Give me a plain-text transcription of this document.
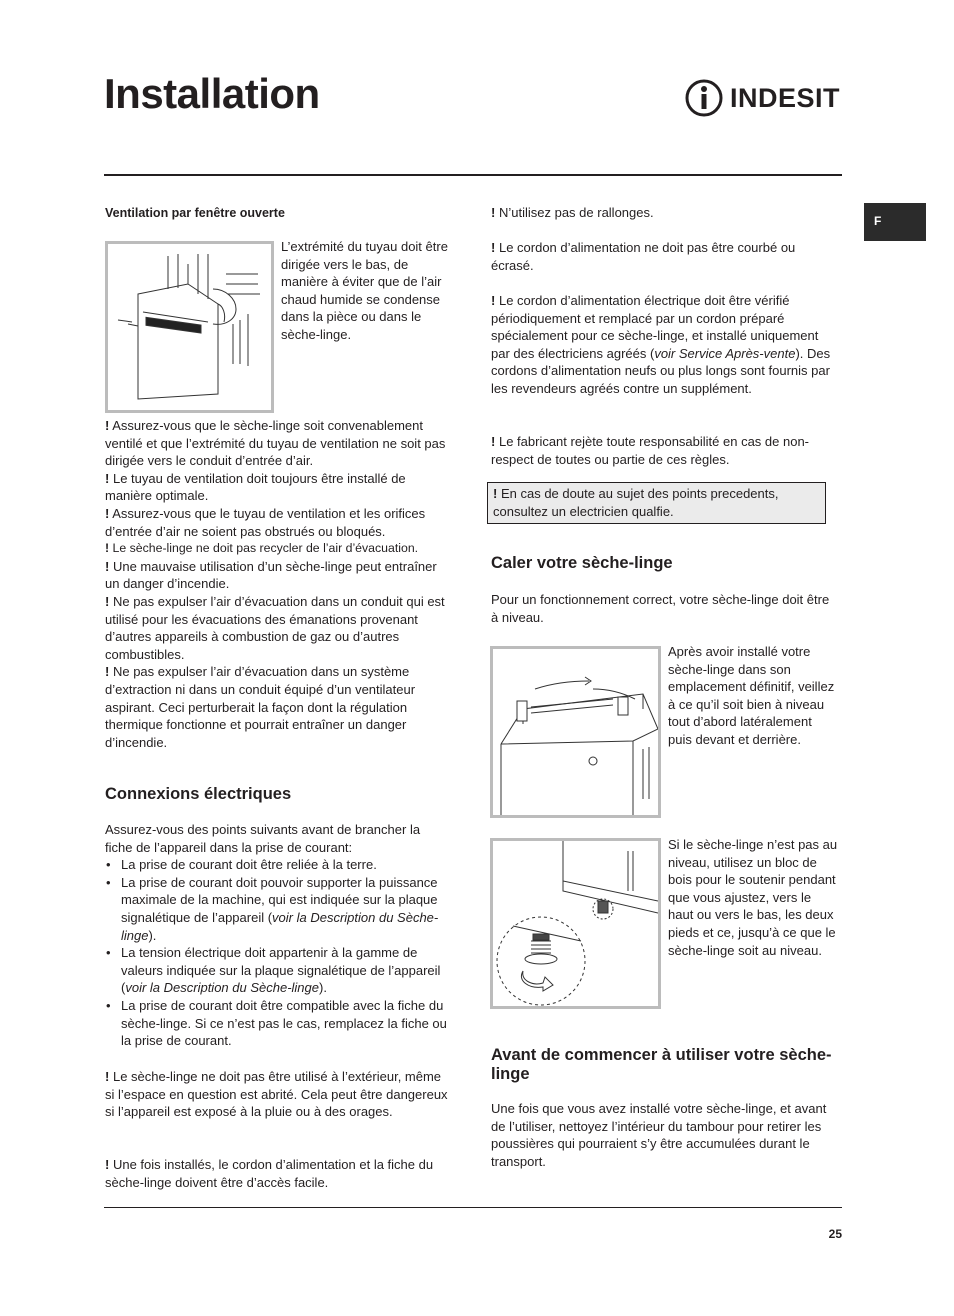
Installation	INDESIT
F

Ventilation par fenêtre ouverte

L’extrémité du tuyau doit être dirigée vers le bas, de manière à éviter que de l’air chaud humide se condense dans la pièce ou dans le sèche-linge.

! Assurez-vous que le sèche-linge soit convenablement ventilé et que l’extrémité du tuyau de ventilation ne soit pas dirigée vers le conduit d’entrée d’air.

! Le tuyau de ventilation doit toujours être installé de manière optimale.

! Assurez-vous que le tuyau de ventilation et les orifices d’entrée d’air ne soient pas obstrués ou bloqués.

! Le sèche-linge ne doit pas recycler de l’air d’évacuation.

! Une mauvaise utilisation d’un sèche-linge peut entraîner un danger d’incendie.

! Ne pas expulser l’air d’évacuation dans un conduit qui est utilisé pour les évacuations des émanations provenant d’autres appareils à combustion de gaz ou d’autres combustibles.

! Ne pas expulser l’air d’évacuation dans un système d’extraction ni dans un conduit équipé d’un ventilateur aspirant. Ceci perturberait la façon dont la régulation thermique fonctionne et pourrait entraîner un danger d’incendie.

Connexions électriques

Assurez-vous des points suivants avant de brancher la fiche de l’appareil dans la prise de courant:

• La prise de courant doit être reliée à la terre.
• La prise de courant doit pouvoir supporter la puissance maximale de la machine, qui est indiquée sur la plaque signalétique de l’appareil (voir la Description du Sèche-linge).
• La tension électrique doit appartenir à la gamme de valeurs indiquée sur la plaque signalétique de l’appareil (voir la Description du Sèche-linge).
• La prise de courant doit être compatible avec la fiche du sèche-linge. Si ce n’est pas le cas, remplacez la fiche ou la prise de courant.

! Le sèche-linge ne doit pas être utilisé à l’extérieur, même si l’espace en question est abrité. Cela peut être dangereux si l’appareil est exposé à la pluie ou à des orages.

! Une fois installés, le cordon d’alimentation et la fiche du sèche-linge doivent être d’accès facile.

! N’utilisez pas de rallonges.

! Le cordon d’alimentation ne doit pas être courbé ou écrasé.

! Le cordon d’alimentation électrique doit être vérifié périodiquement et remplacé par un cordon préparé spécialement pour ce sèche-linge, et installé uniquement par des électriciens agréés (voir Service Après-vente). Des cordons d’alimentation neufs ou plus longs sont fournis par les revendeurs agréés contre un supplément.

! Le fabricant rejète toute responsabilité en cas de non-respect de toutes ou partie de ces règles.

! En cas de doute au sujet des points precedents, consultez un electricien qualfie.
Caler votre sèche-linge

Pour un fonctionnement correct, votre sèche-linge doit être à niveau.

Après avoir installé votre sèche-linge dans son emplacement définitif, veillez à ce qu’il soit bien à niveau tout d’abord latéralement puis devant et derrière.

Si le sèche-linge n’est pas au niveau, utilisez un bloc de bois pour le soutenir pendant que vous ajustez, vers le haut ou vers le bas, les deux pieds et ce, jusqu’à ce que le sèche-linge soit au niveau.

Avant de commencer à utiliser votre sèche-linge

Une fois que vous avez installé votre sèche-linge, et avant de l’utiliser, nettoyez l’intérieur du tambour pour retirer les poussières qui pourraient s’y être accumulées durant le transport.

25
